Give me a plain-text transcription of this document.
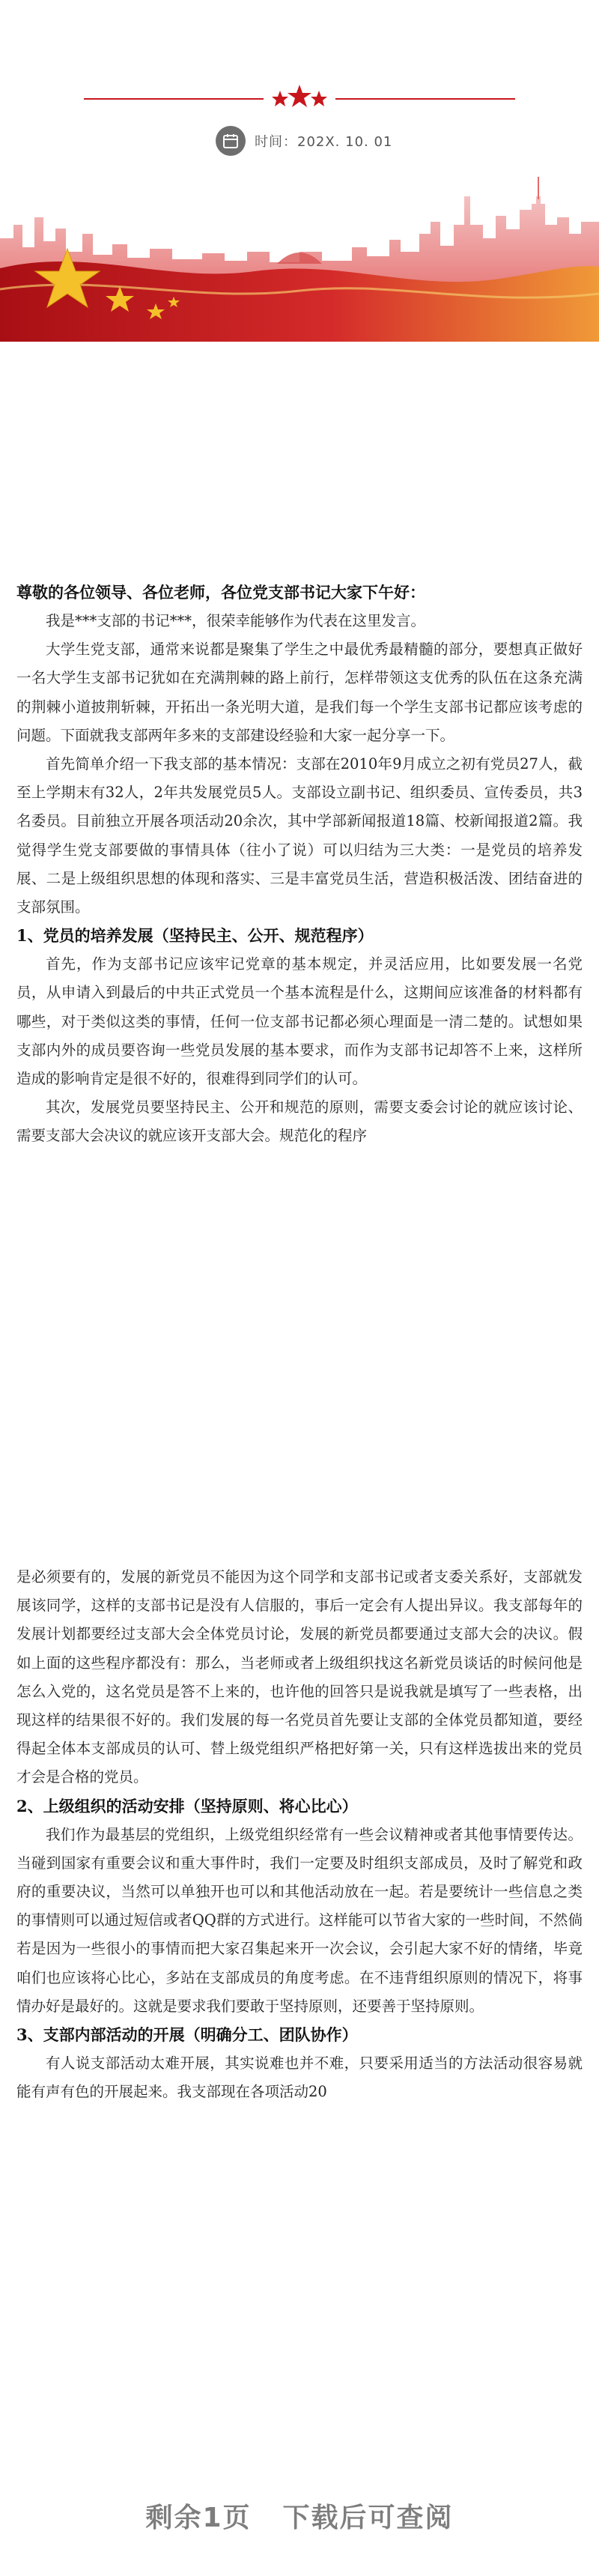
时间：202X. 10. 01
尊敬的各位领导、各位老师，各位党支部书记大家下午好：
我是***支部的书记***，很荣幸能够作为代表在这里发言。
大学生党支部，通常来说都是聚集了学生之中最优秀最精髓的部分，要想真正做好一名大学生支部书记犹如在充满荆棘的路上前行，怎样带领这支优秀的队伍在这条充满的荆棘小道披荆斩棘，开拓出一条光明大道，是我们每一个学生支部书记都应该考虑的问题。下面就我支部两年多来的支部建设经验和大家一起分享一下。
首先简单介绍一下我支部的基本情况：支部在2010年9月成立之初有党员27人，截至上学期末有32人，2年共发展党员5人。支部设立副书记、组织委员、宣传委员，共3名委员。目前独立开展各项活动20余次，其中学部新闻报道18篇、校新闻报道2篇。我觉得学生党支部要做的事情具体（往小了说）可以归结为三大类：一是党员的培养发展、二是上级组织思想的体现和落实、三是丰富党员生活，营造积极活泼、团结奋进的支部氛围。
1、党员的培养发展（坚持民主、公开、规范程序）
首先，作为支部书记应该牢记党章的基本规定，并灵活应用，比如要发展一名党员，从申请入到最后的中共正式党员一个基本流程是什么，这期间应该准备的材料都有哪些，对于类似这类的事情，任何一位支部书记都必须心理面是一清二楚的。试想如果支部内外的成员要咨询一些党员发展的基本要求，而作为支部书记却答不上来，这样所造成的影响肯定是很不好的，很难得到同学们的认可。
其次，发展党员要坚持民主、公开和规范的原则，需要支委会讨论的就应该讨论、需要支部大会决议的就应该开支部大会。规范化的程序
是必须要有的，发展的新党员不能因为这个同学和支部书记或者支委关系好，支部就发展该同学，这样的支部书记是没有人信服的，事后一定会有人提出异议。我支部每年的发展计划都要经过支部大会全体党员讨论，发展的新党员都要通过支部大会的决议。假如上面的这些程序都没有：那么，当老师或者上级组织找这名新党员谈话的时候问他是怎么入党的，这名党员是答不上来的，也许他的回答只是说我就是填写了一些表格，出现这样的结果很不好的。我们发展的每一名党员首先要让支部的全体党员都知道，要经得起全体本支部成员的认可、替上级党组织严格把好第一关，只有这样选拔出来的党员才会是合格的党员。
2、上级组织的活动安排（坚持原则、将心比心）
我们作为最基层的党组织，上级党组织经常有一些会议精神或者其他事情要传达。当碰到国家有重要会议和重大事件时，我们一定要及时组织支部成员，及时了解党和政府的重要决议，当然可以单独开也可以和其他活动放在一起。若是要统计一些信息之类的事情则可以通过短信或者QQ群的方式进行。这样能可以节省大家的一些时间，不然倘若是因为一些很小的事情而把大家召集起来开一次会议，会引起大家不好的情绪，毕竟咱们也应该将心比心，多站在支部成员的角度考虑。在不违背组织原则的情况下，将事情办好是最好的。这就是要求我们要敢于坚持原则，还要善于坚持原则。
3、支部内部活动的开展（明确分工、团队协作）
有人说支部活动太难开展，其实说难也并不难，只要采用适当的方法活动很容易就能有声有色的开展起来。我支部现在各项活动20
剩余1页 下载后可查阅
